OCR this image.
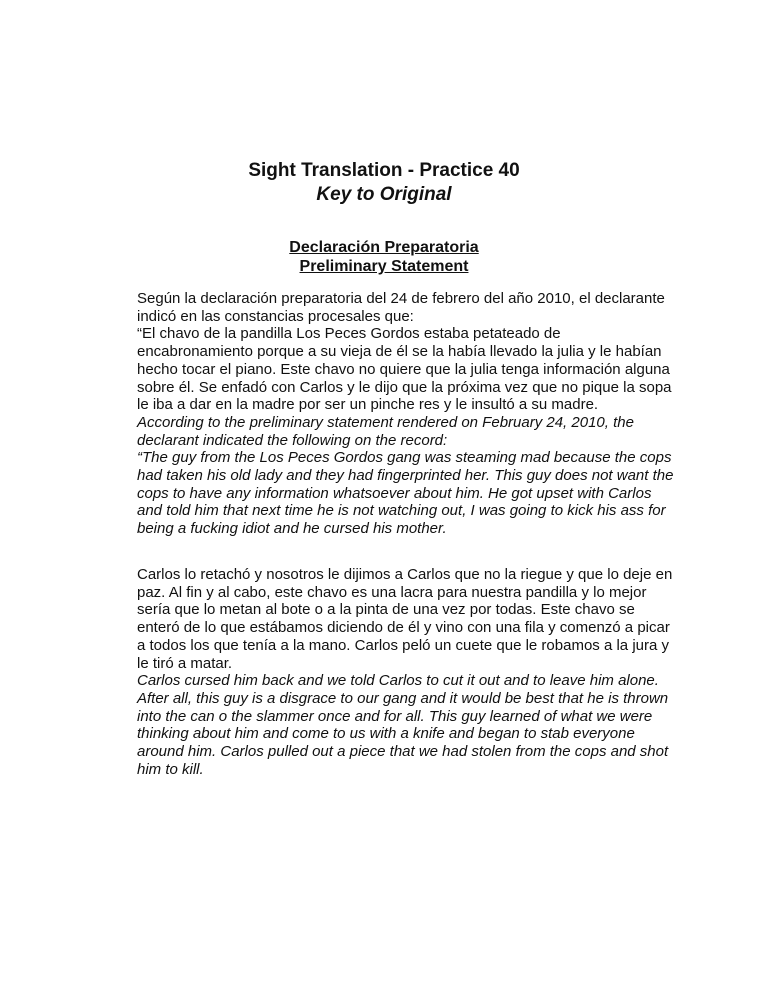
Sight Translation - Practice 40
Key to Original
Declaración Preparatoria
Preliminary Statement
Según la declaración preparatoria del 24 de febrero del año 2010, el declarante
indicó en las constancias procesales que:
“El chavo de la pandilla Los Peces Gordos estaba petateado de
encabronamiento porque a su vieja de él se la había llevado la julia y le habían
hecho tocar el piano. Este chavo no quiere que la julia tenga información alguna
sobre él. Se enfadó con Carlos y le dijo que la próxima vez que no pique la sopa
le iba a dar en la madre por ser un pinche res y le insultó a su madre.
According to the preliminary statement rendered on February 24, 2010, the
declarant indicated the following on the record:
“The guy from the Los Peces Gordos gang was steaming mad because the cops
had taken his old lady and they had fingerprinted her. This guy does not want the
cops to have any information whatsoever about him. He got upset with Carlos
and told him that next time he is not watching out, I was going to kick his ass for
being a fucking idiot and he cursed his mother.
Carlos lo retachó y nosotros le dijimos a Carlos que no la riegue y que lo deje en
paz. Al fin y al cabo, este chavo es una lacra para nuestra pandilla y lo mejor
sería que lo metan al bote o a la pinta de una vez por todas. Este chavo se
enteró de lo que estábamos diciendo de él y vino con una fila y comenzó a picar
a todos los que tenía a la mano. Carlos peló un cuete que le robamos a la jura y
le tiró a matar.
Carlos cursed him back and we told Carlos to cut it out and to leave him alone.
After all, this guy is a disgrace to our gang and it would be best that he is thrown
into the can o the slammer once and for all. This guy learned of what we were
thinking about him and come to us with a knife and began to stab everyone
around him. Carlos pulled out a piece that we had stolen from the cops and shot
him to kill.
